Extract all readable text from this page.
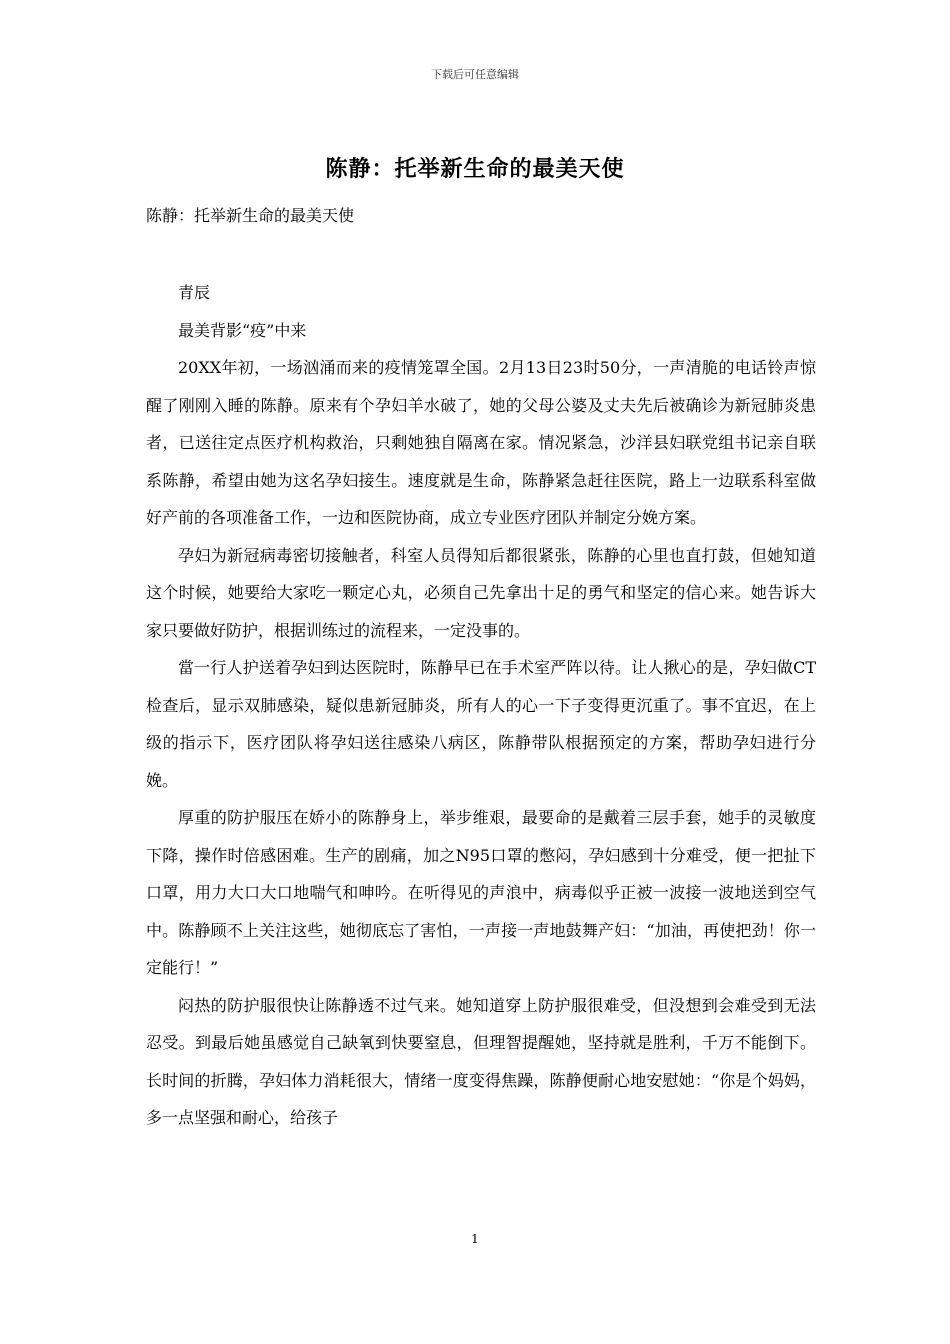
下载后可任意编辑
陈静：托举新生命的最美天使
陈静：托举新生命的最美天使

青辰

最美背影“疫”中来

20XX年初，一场汹涌而来的疫情笼罩全国。2月13日23时50分，一声清脆的电话铃声惊醒了刚刚入睡的陈静。原来有个孕妇羊水破了，她的父母公婆及丈夫先后被确诊为新冠肺炎患者，已送往定点医疗机构救治，只剩她独自隔离在家。情况紧急，沙洋县妇联党组书记亲自联系陈静，希望由她为这名孕妇接生。速度就是生命，陈静紧急赶往医院，路上一边联系科室做好产前的各项准备工作，一边和医院协商，成立专业医疗团队并制定分娩方案。

孕妇为新冠病毒密切接触者，科室人员得知后都很紧张，陈静的心里也直打鼓，但她知道这个时候，她要给大家吃一颗定心丸，必须自己先拿出十足的勇气和坚定的信心来。她告诉大家只要做好防护，根据训练过的流程来，一定没事的。

當一行人护送着孕妇到达医院时，陈静早已在手术室严阵以待。让人揪心的是，孕妇做CT检查后，显示双肺感染，疑似患新冠肺炎，所有人的心一下子变得更沉重了。事不宜迟，在上级的指示下，医疗团队将孕妇送往感染八病区，陈静带队根据预定的方案，帮助孕妇进行分娩。

厚重的防护服压在娇小的陈静身上，举步维艰，最要命的是戴着三层手套，她手的灵敏度下降，操作时倍感困难。生产的剧痛，加之N95口罩的憋闷，孕妇感到十分难受，便一把扯下口罩，用力大口大口地喘气和呻吟。在听得见的声浪中，病毒似乎正被一波接一波地送到空气中。陈静顾不上关注这些，她彻底忘了害怕，一声接一声地鼓舞产妇：“加油，再使把劲！你一定能行！”

闷热的防护服很快让陈静透不过气来。她知道穿上防护服很难受，但没想到会难受到无法忍受。到最后她虽感觉自己缺氧到快要窒息，但理智提醒她，坚持就是胜利，千万不能倒下。长时间的折腾，孕妇体力消耗很大，情绪一度变得焦躁，陈静便耐心地安慰她：“你是个妈妈，多一点坚强和耐心，给孩子

1
